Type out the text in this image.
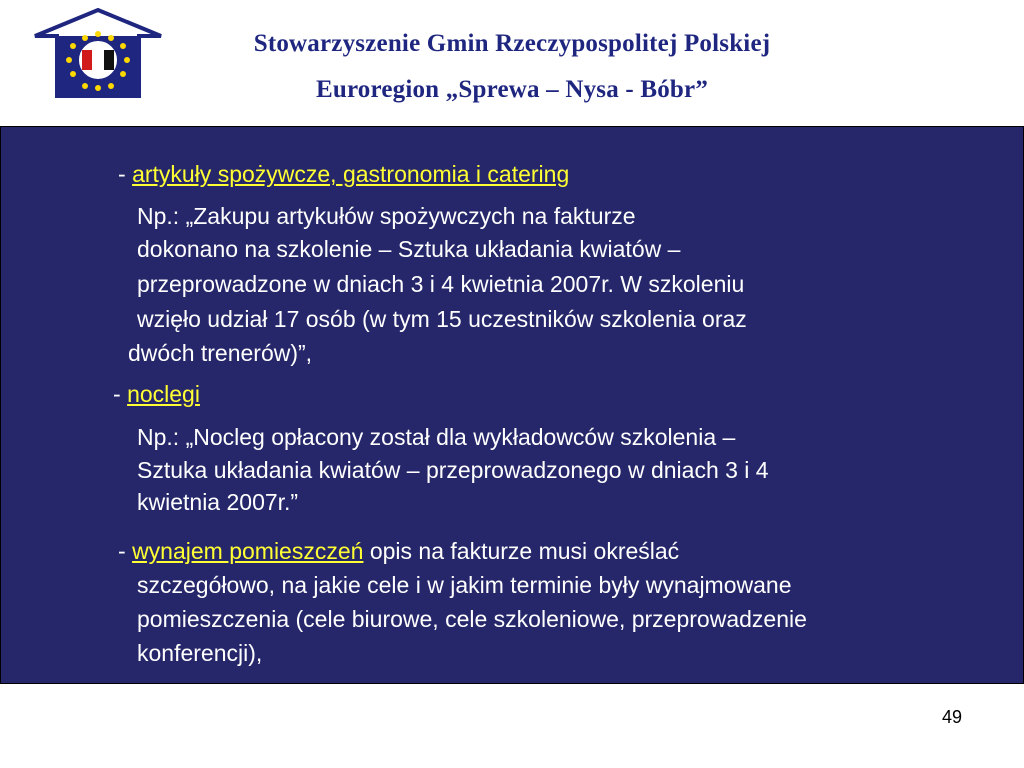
Stowarzyszenie Gmin Rzeczypospolitej Polskiej
Euroregion „Sprewa – Nysa - Bóbr”
- artykuły spożywcze, gastronomia i catering
Np.: „Zakupu artykułów spożywczych na fakturze
dokonano na szkolenie – Sztuka układania kwiatów –
przeprowadzone w dniach 3 i 4 kwietnia 2007r. W szkoleniu
wzięło udział 17 osób (w tym 15 uczestników szkolenia oraz
dwóch trenerów)”,
- noclegi
Np.: „Nocleg opłacony został dla wykładowców szkolenia –
Sztuka układania kwiatów – przeprowadzonego w dniach 3 i 4
kwietnia 2007r.”
- wynajem pomieszczeń opis na fakturze musi określać
szczegółowo, na jakie cele i w jakim terminie były wynajmowane
pomieszczenia (cele biurowe, cele szkoleniowe, przeprowadzenie
konferencji),
49
